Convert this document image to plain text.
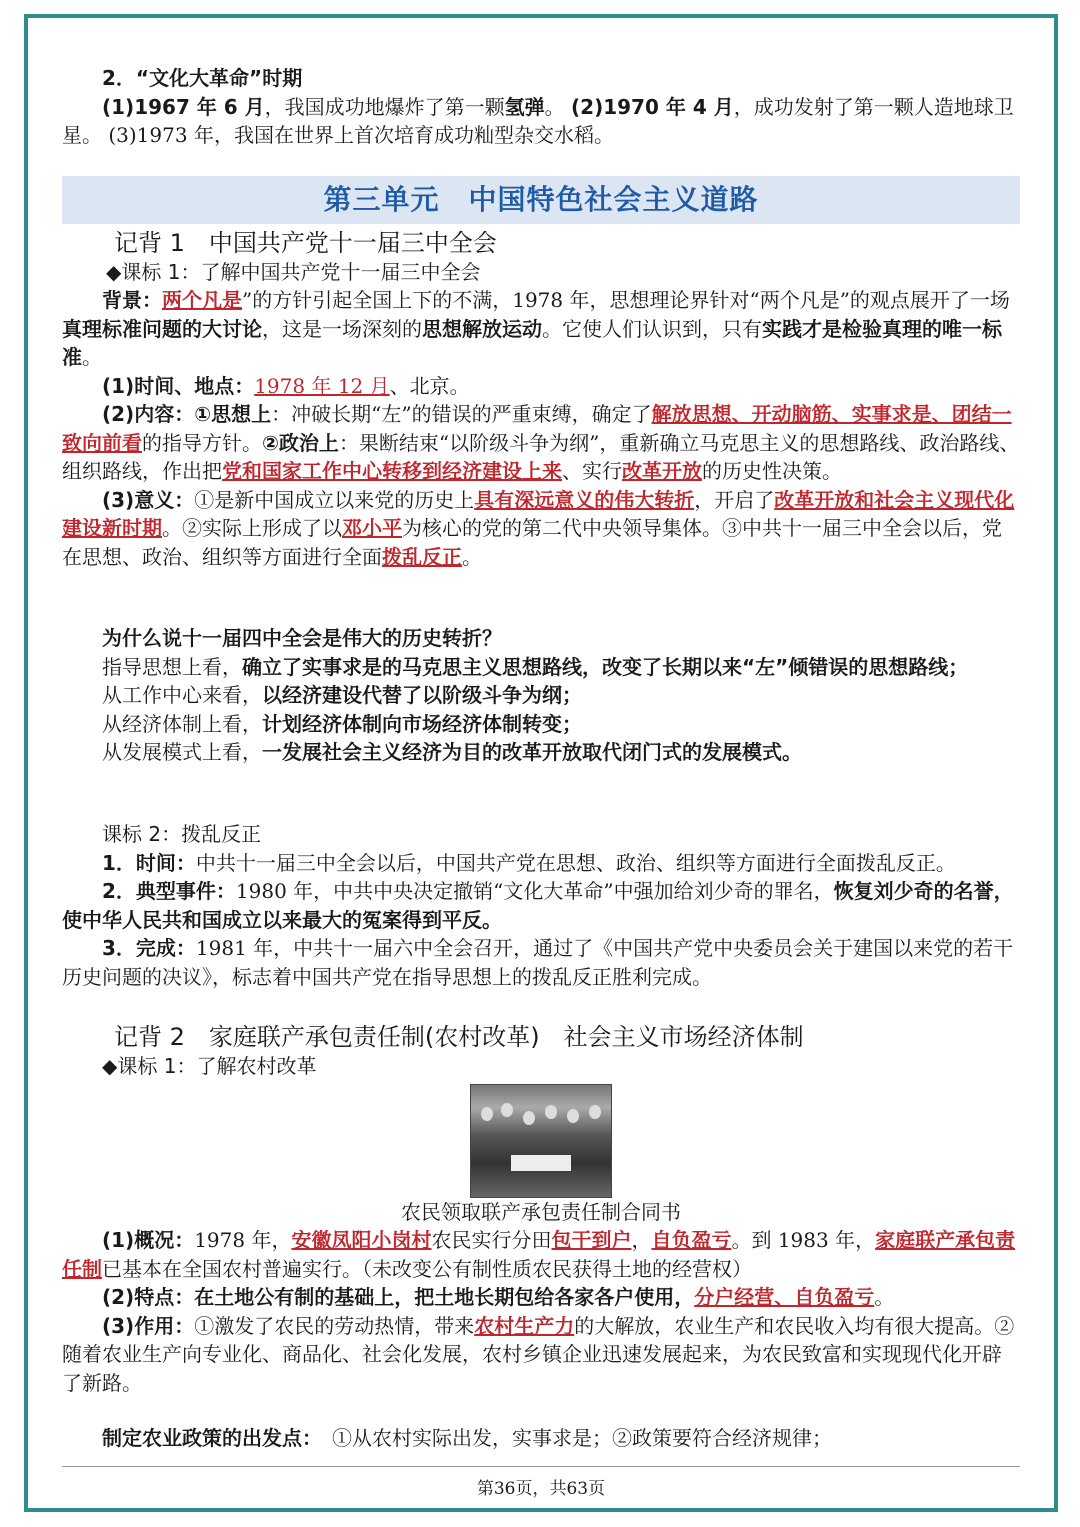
2．“文化大革命”时期

(1)1967 年 6 月，我国成功地爆炸了第一颗氢弹。 (2)1970 年 4 月，成功发射了第一颗人造地球卫星。 (3)1973 年，我国在世界上首次培育成功籼型杂交水稻。

第三单元　中国特色社会主义道路
记背 1　中国共产党十一届三中全会
◆课标 1：了解中国共产党十一届三中全会

背景：两个凡是”的方针引起全国上下的不满，1978 年，思想理论界针对“两个凡是”的观点展开了一场真理标准问题的大讨论，这是一场深刻的思想解放运动。它使人们认识到，只有实践才是检验真理的唯一标准。

(1)时间、地点：1978 年 12 月、北京。

(2)内容：①思想上：冲破长期“左”的错误的严重束缚，确定了解放思想、开动脑筋、实事求是、团结一致向前看的指导方针。②政治上：果断结束“以阶级斗争为纲”，重新确立马克思主义的思想路线、政治路线、组织路线，作出把党和国家工作中心转移到经济建设上来、实行改革开放的历史性决策。

(3)意义：①是新中国成立以来党的历史上具有深远意义的伟大转折，开启了改革开放和社会主义现代化建设新时期。②实际上形成了以邓小平为核心的党的第二代中央领导集体。③中共十一届三中全会以后，党在思想、政治、组织等方面进行全面拨乱反正。

为什么说十一届四中全会是伟大的历史转折？

指导思想上看，确立了实事求是的马克思主义思想路线，改变了长期以来“左”倾错误的思想路线；

从工作中心来看，以经济建设代替了以阶级斗争为纲；

从经济体制上看，计划经济体制向市场经济体制转变；

从发展模式上看，一发展社会主义经济为目的改革开放取代闭门式的发展模式。

课标 2：拨乱反正

1．时间：中共十一届三中全会以后，中国共产党在思想、政治、组织等方面进行全面拨乱反正。

2．典型事件：1980 年，中共中央决定撤销“文化大革命”中强加给刘少奇的罪名，恢复刘少奇的名誉，使中华人民共和国成立以来最大的冤案得到平反。

3．完成：1981 年，中共十一届六中全会召开，通过了《中国共产党中央委员会关于建国以来党的若干历史问题的决议》，标志着中国共产党在指导思想上的拨乱反正胜利完成。

记背 2　家庭联产承包责任制(农村改革)　社会主义市场经济体制
◆课标 1：了解农村改革
农民领取联产承包责任制合同书

(1)概况：1978 年，安徽凤阳小岗村农民实行分田包干到户，自负盈亏。到 1983 年，家庭联产承包责任制已基本在全国农村普遍实行。（未改变公有制性质农民获得土地的经营权）

(2)特点：在土地公有制的基础上，把土地长期包给各家各户使用，分户经营、自负盈亏。

(3)作用：①激发了农民的劳动热情，带来农村生产力的大解放，农业生产和农民收入均有很大提高。②随着农业生产向专业化、商品化、社会化发展，农村乡镇企业迅速发展起来，为农民致富和实现现代化开辟了新路。

制定农业政策的出发点：　①从农村实际出发，实事求是；②政策要符合经济规律；

第36页，共63页
